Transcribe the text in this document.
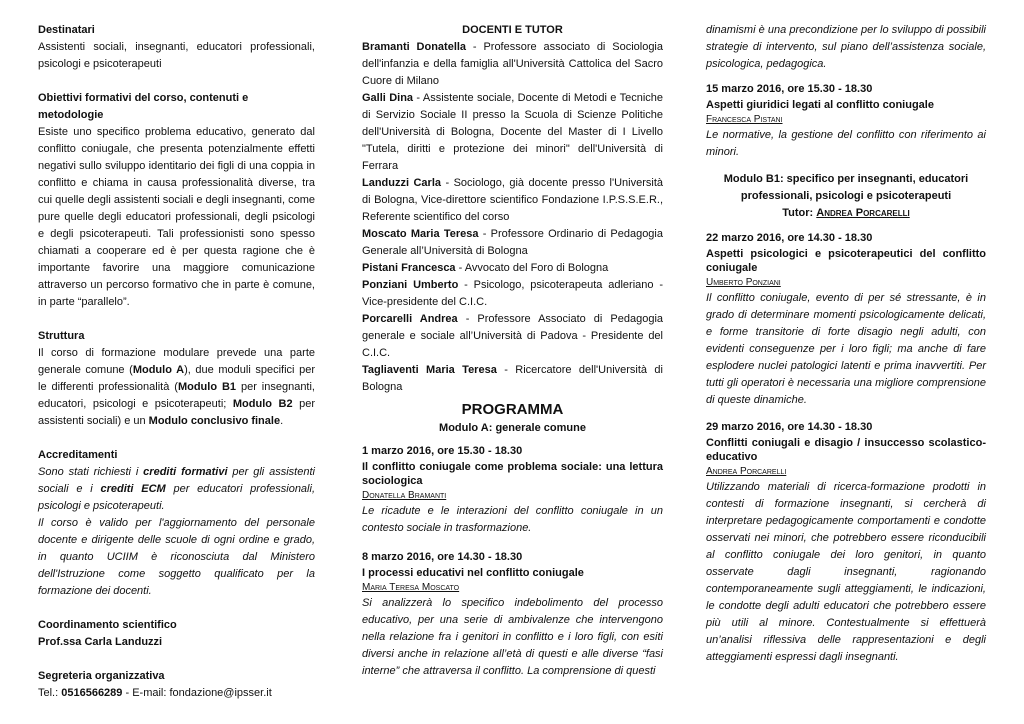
Destinatari

Assistenti sociali, insegnanti, educatori professionali, psicologi e psicoterapeuti

Obiettivi formativi del corso, contenuti e metodologie

Esiste uno specifico problema educativo, generato dal conflitto coniugale, che presenta potenzialmente effetti negativi sullo sviluppo identitario dei figli di una coppia in conflitto e chiama in causa professionalità diverse, tra cui quelle degli assistenti sociali e degli insegnanti, come pure quelle degli educatori professionali, degli psicologi e degli psicoterapeuti. Tali professionisti sono spesso chiamati a cooperare ed è per questa ragione che è importante favorire una maggiore comunicazione attraverso un percorso formativo che in parte è comune, in parte “parallelo”.

Struttura

Il corso di formazione modulare prevede una parte generale comune (Modulo A), due moduli specifici per le differenti professionalità (Modulo B1 per insegnanti, educatori, psicologi e psicoterapeuti; Modulo B2 per assistenti sociali) e un Modulo conclusivo finale.

Accreditamenti

Sono stati richiesti i crediti formativi per gli assistenti sociali e i crediti ECM per educatori professionali, psicologi e psicoterapeuti.

Il corso è valido per l'aggiornamento del personale docente e dirigente delle scuole di ogni ordine e grado, in quanto UCIIM è riconosciuta dal Ministero dell'Istruzione come soggetto qualificato per la formazione dei docenti.

Coordinamento scientifico

Prof.ssa Carla Landuzzi

Segreteria organizzativa

Tel.: 0516566289 - E-mail: fondazione@ipsser.it

DOCENTI E TUTOR

Bramanti Donatella - Professore associato di Sociologia dell'infanzia e della famiglia all'Università Cattolica del Sacro Cuore di Milano

Galli Dina - Assistente sociale, Docente di Metodi e Tecniche di Servizio Sociale II presso la Scuola di Scienze Politiche dell'Università di Bologna, Docente del Master di I Livello "Tutela, diritti e protezione dei minori" dell'Università di Ferrara

Landuzzi Carla - Sociologo, già docente presso l'Università di Bologna, Vice-direttore scientifico Fondazione I.P.S.S.E.R., Referente scientifico del corso

Moscato Maria Teresa - Professore Ordinario di Pedagogia Generale all’Università di Bologna

Pistani Francesca - Avvocato del Foro di Bologna

Ponziani Umberto - Psicologo, psicoterapeuta adleriano - Vice-presidente del C.I.C.

Porcarelli Andrea - Professore Associato di Pedagogia generale e sociale all’Università di Padova - Presidente del C.I.C.

Tagliaventi Maria Teresa - Ricercatore dell'Università di Bologna

PROGRAMMA

Modulo A: generale comune

1 marzo 2016, ore 15.30 - 18.30

Il conflitto coniugale come problema sociale: una lettura sociologica

Donatella Bramanti

Le ricadute e le interazioni del conflitto coniugale in un contesto sociale in trasformazione.

8 marzo 2016, ore 14.30 - 18.30

I processi educativi nel conflitto coniugale

Maria Teresa Moscato

Si analizzerà lo specifico indebolimento del processo educativo, per una serie di ambivalenze che intervengono nella relazione fra i genitori in conflitto e i loro figli, con esiti diversi anche in relazione all’età di questi e alle diverse “fasi interne” che attraversa il conflitto. La comprensione di questi

dinamismi è una precondizione per lo sviluppo di possibili strategie di intervento, sul piano dell’assistenza sociale, psicologica, pedagogica.

15 marzo 2016, ore 15.30 - 18.30

Aspetti giuridici legati al conflitto coniugale

Francesca Pistani

Le normative, la gestione del conflitto con riferimento ai minori.

Modulo B1: specifico per insegnanti, educatori professionali, psicologi e psicoterapeuti

Tutor: Andrea Porcarelli

22 marzo 2016, ore 14.30 - 18.30

Aspetti psicologici e psicoterapeutici del conflitto coniugale

Umberto Ponziani

Il conflitto coniugale, evento di per sé stressante, è in grado di determinare momenti psicologicamente delicati, e forme transitorie di forte disagio negli adulti, con evidenti conseguenze per i loro figli; ma anche di fare esplodere nuclei patologici latenti e prima inavvertiti. Per tutti gli operatori è necessaria una migliore comprensione di queste dinamiche.

29 marzo 2016, ore 14.30 - 18.30

Conflitti coniugali e disagio / insuccesso scolastico-educativo

Andrea Porcarelli

Utilizzando materiali di ricerca-formazione prodotti in contesti di formazione insegnanti, si cercherà di interpretare pedagogicamente comportamenti e condotte osservati nei minori, che potrebbero essere riconducibili al conflitto coniugale dei loro genitori, in quanto osservate dagli insegnanti, ragionando contemporaneamente sugli atteggiamenti, le indicazioni, le condotte degli adulti educatori che potrebbero essere più utili al minore. Contestualmente si effettuerà un’analisi riflessiva delle rappresentazioni e degli atteggiamenti espressi dagli insegnanti.
